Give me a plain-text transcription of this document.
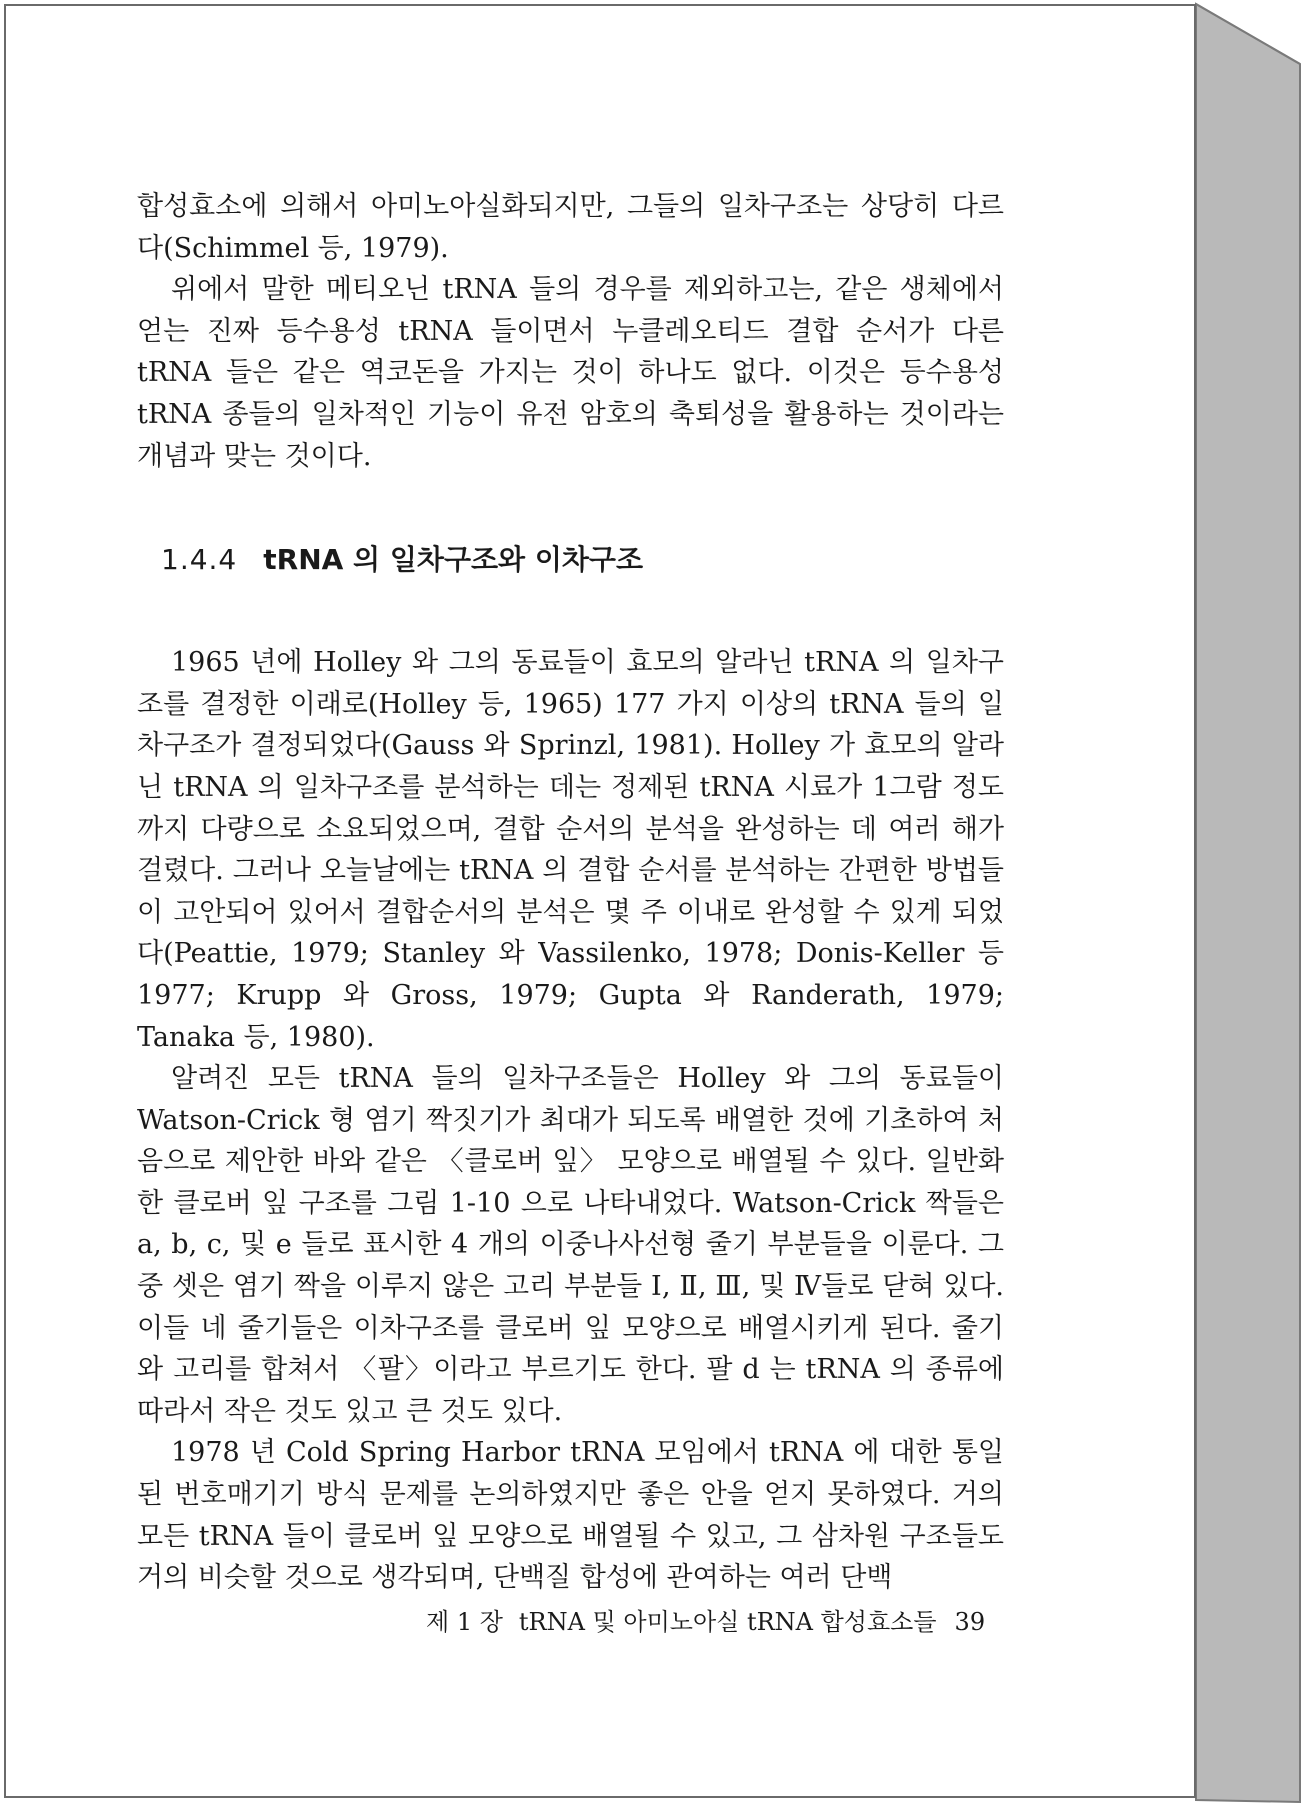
합성효소에 의해서 아미노아실화되지만, 그들의 일차구조는 상당히 다르다(Schimmel 등, 1979).

위에서 말한 메티오닌 tRNA 들의 경우를 제외하고는, 같은 생체에서 얻는 진짜 등수용성 tRNA 들이면서 누클레오티드 결합 순서가 다른 tRNA 들은 같은 역코돈을 가지는 것이 하나도 없다. 이것은 등수용성 tRNA 종들의 일차적인 기능이 유전 암호의 축퇴성을 활용하는 것이라는 개념과 맞는 것이다.

1.4.4 tRNA 의 일차구조와 이차구조

1965 년에 Holley 와 그의 동료들이 효모의 알라닌 tRNA 의 일차구조를 결정한 이래로(Holley 등, 1965) 177 가지 이상의 tRNA 들의 일차구조가 결정되었다(Gauss 와 Sprinzl, 1981). Holley 가 효모의 알라닌 tRNA 의 일차구조를 분석하는 데는 정제된 tRNA 시료가 1그람 정도까지 다량으로 소요되었으며, 결합 순서의 분석을 완성하는 데 여러 해가 걸렸다. 그러나 오늘날에는 tRNA 의 결합 순서를 분석하는 간편한 방법들이 고안되어 있어서 결합순서의 분석은 몇 주 이내로 완성할 수 있게 되었다(Peattie, 1979; Stanley 와 Vassilenko, 1978; Donis-Keller 등 1977; Krupp 와 Gross, 1979; Gupta 와 Randerath, 1979; Tanaka 등, 1980).

알려진 모든 tRNA 들의 일차구조들은 Holley 와 그의 동료들이 Watson-Crick 형 염기 짝짓기가 최대가 되도록 배열한 것에 기초하여 처음으로 제안한 바와 같은 〈클로버 잎〉 모양으로 배열될 수 있다. 일반화한 클로버 잎 구조를 그림 1-10 으로 나타내었다. Watson-Crick 짝들은 a, b, c, 및 e 들로 표시한 4 개의 이중나사선형 줄기 부분들을 이룬다. 그 중 셋은 염기 짝을 이루지 않은 고리 부분들 Ⅰ, Ⅱ, Ⅲ, 및 Ⅳ들로 닫혀 있다. 이들 네 줄기들은 이차구조를 클로버 잎 모양으로 배열시키게 된다. 줄기와 고리를 합쳐서 〈팔〉이라고 부르기도 한다. 팔 d 는 tRNA 의 종류에 따라서 작은 것도 있고 큰 것도 있다.

1978 년 Cold Spring Harbor tRNA 모임에서 tRNA 에 대한 통일된 번호매기기 방식 문제를 논의하였지만 좋은 안을 얻지 못하였다. 거의 모든 tRNA 들이 클로버 잎 모양으로 배열될 수 있고, 그 삼차원 구조들도 거의 비슷할 것으로 생각되며, 단백질 합성에 관여하는 여러 단백

제 1 장 tRNA 및 아미노아실 tRNA 합성효소들 39
